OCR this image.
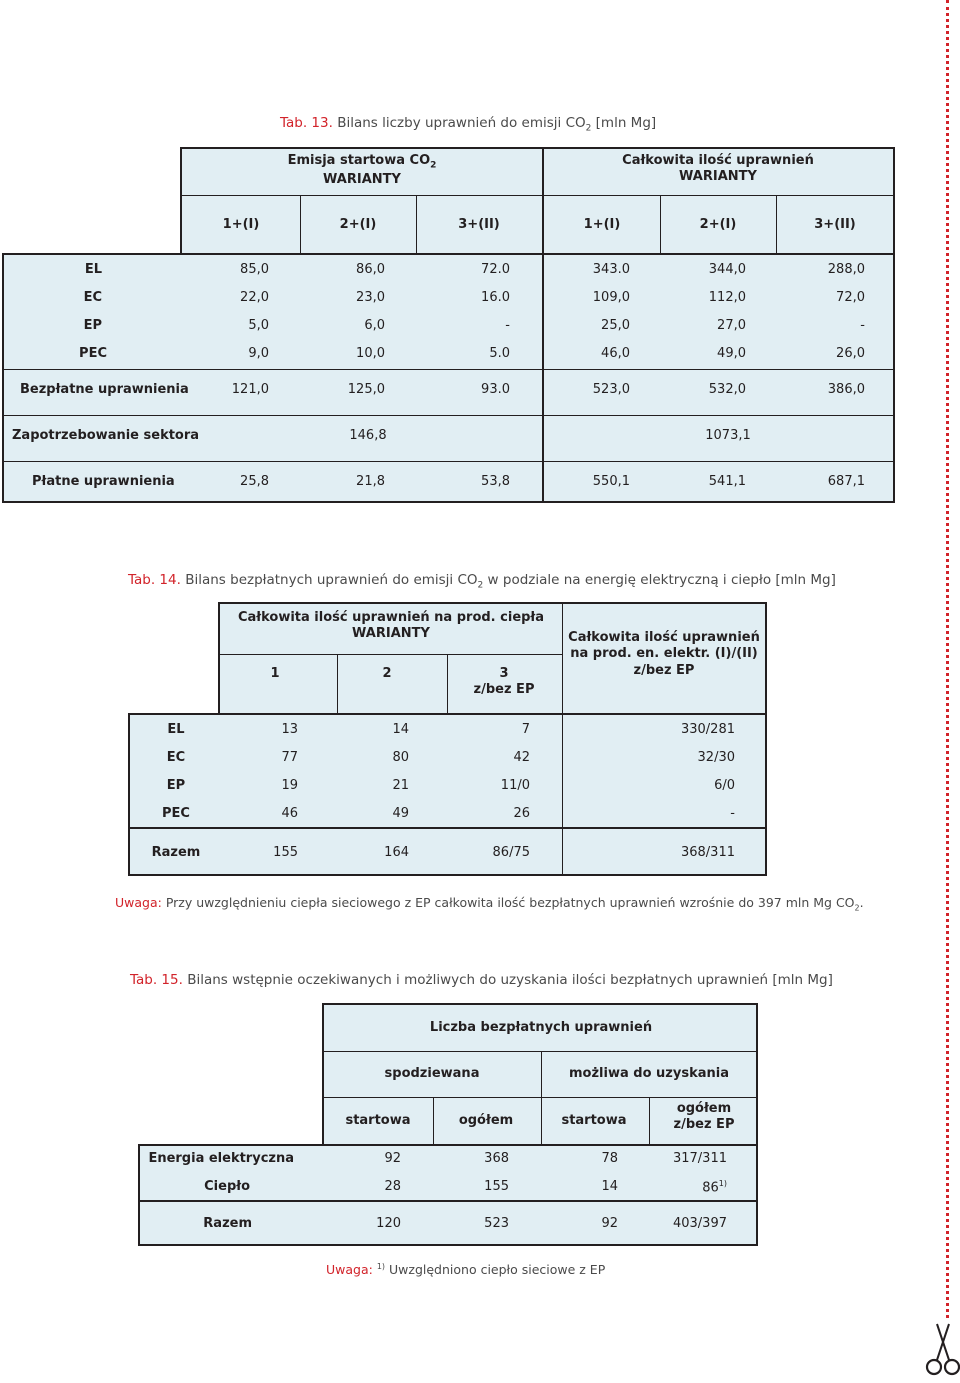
Tab. 13. Bilans liczby uprawnień do emisji $CO_2$ [mln Mg]
Emisja startowa $CO_2$
WARIANTY
Całkowita ilość uprawnień
WARIANTY
1+(I)	2+(I)	3+(II)	1+(I)	2+(I)	3+(II)
EL	85,0	86,0	72.0	343.0	344,0	288,0
EC	22,0	23,0	16.0	109,0	112,0	72,0
EP	5,0	6,0	-	25,0	27,0	-
PEC	9,0	10,0	5.0	46,0	49,0	26,0
Bezpłatne uprawnienia	121,0	125,0	93.0	523,0	532,0	386,0
Zapotrzebowanie sektora	146,8	1073,1
Płatne uprawnienia	25,8	21,8	53,8	550,1	541,1	687,1
Tab. 14. Bilans bezpłatnych uprawnień do emisji $CO_2$ w podziale na energię elektryczną i ciepło [mln Mg]
Całkowita ilość uprawnień na prod. ciepła
WARIANTY
1	2	3
z/bez EP
Całkowita ilość uprawnień
na prod. en. elektr. (I)/(II)
z/bez EP
EL	13	14	7	330/281
EC	77	80	42	32/30
EP	19	21	11/0	6/0
PEC	46	49	26	-
Razem	155	164	86/75	368/311
Uwaga: Przy uwzględnieniu ciepła sieciowego z EP całkowita ilość bezpłatnych uprawnień wzrośnie do 397 mln Mg $CO_2$.
Tab. 15. Bilans wstępnie oczekiwanych i możliwych do uzyskania ilości bezpłatnych uprawnień [mln Mg]
Liczba bezpłatnych uprawnień
spodziewana	możliwa do uzyskania
startowa	ogółem	startowa
ogółem
z/bez EP
Energia elektryczna	92	368	78	317/311
Ciepło	28	155	14	86$^{1)}$
Razem	120	523	92	403/397
Uwaga: $^{1)}$ Uwzględniono ciepło sieciowe z EP
